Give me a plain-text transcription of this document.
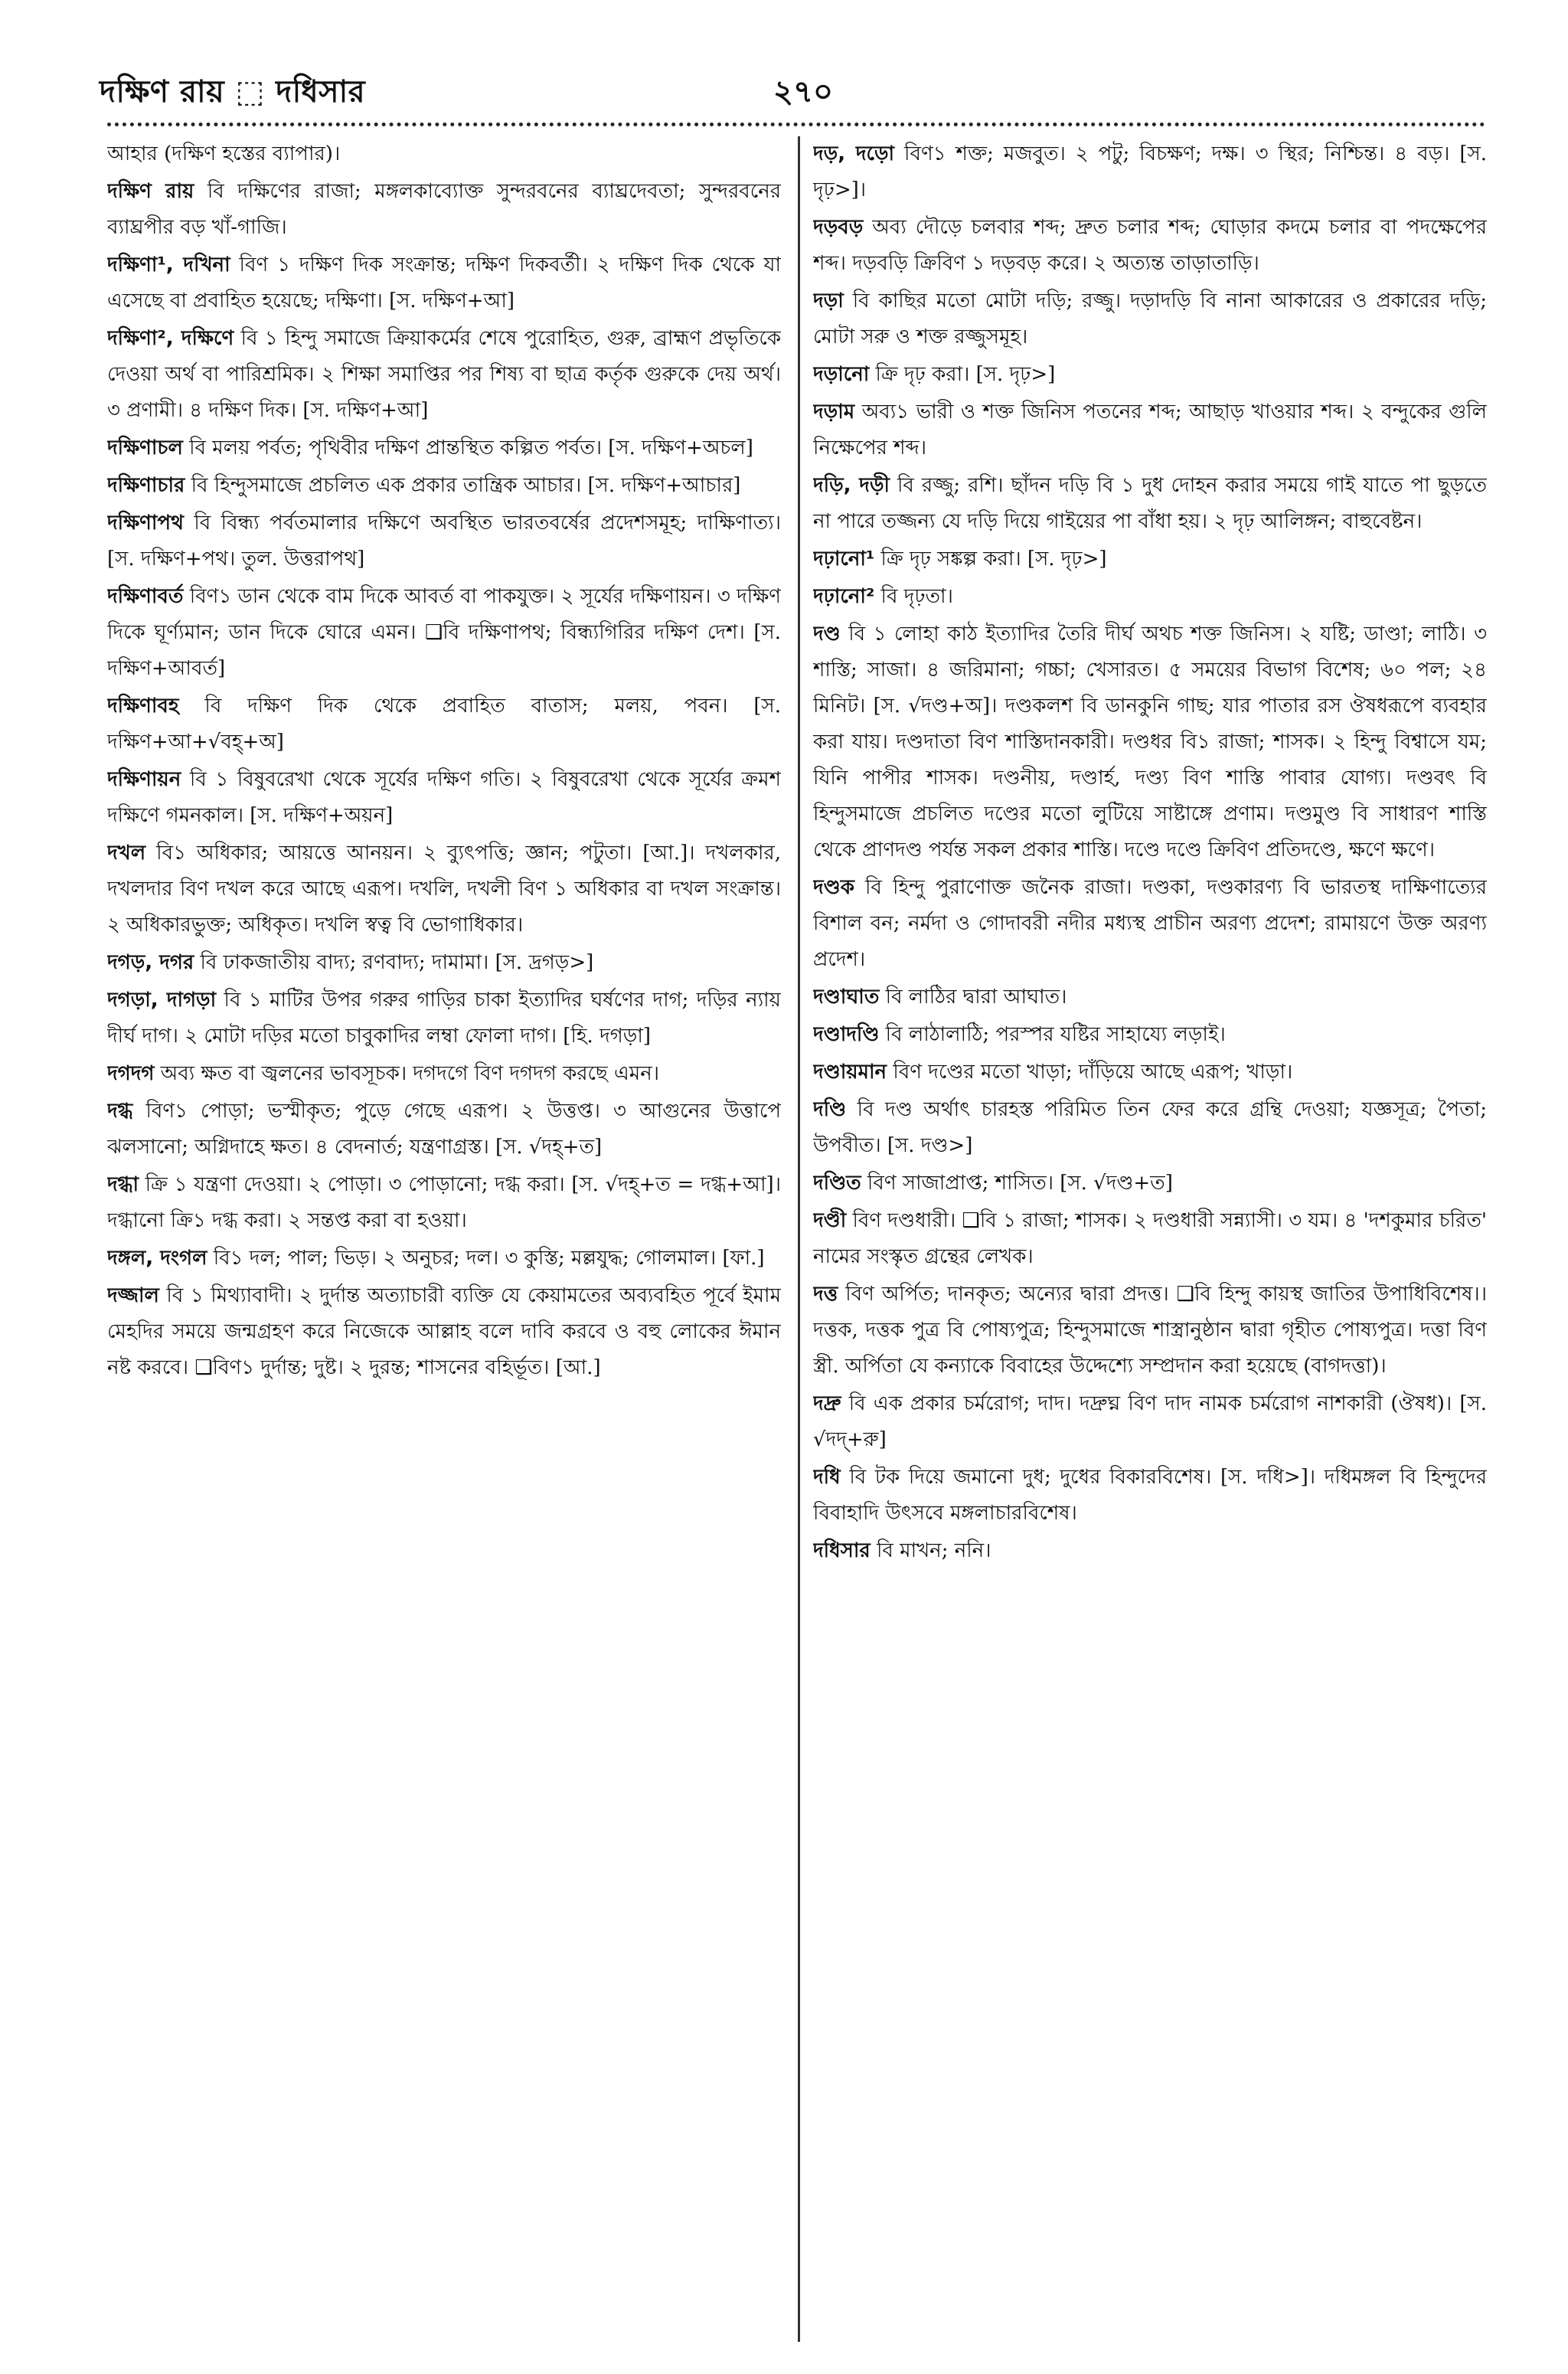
দক্ষিণ রায় ⬚ দধিসার	২৭০

আহার (দক্ষিণ হস্তের ব্যাপার)।

দক্ষিণ রায় বি দক্ষিণের রাজা; মঙ্গলকাব্যোক্ত সুন্দরবনের ব্যাঘ্রদেবতা; সুন্দরবনের ব্যাঘ্রপীর বড় খাঁ-গাজি।

দক্ষিণা¹, দখিনা বিণ ১ দক্ষিণ দিক সংক্রান্ত; দক্ষিণ দিকবর্তী। ২ দক্ষিণ দিক থেকে যা এসেছে বা প্রবাহিত হয়েছে; দক্ষিণা। [স. দক্ষিণ+আ]

দক্ষিণা², দক্ষিণে বি ১ হিন্দু সমাজে ক্রিয়াকর্মের শেষে পুরোহিত, গুরু, ব্রাহ্মণ প্রভৃতিকে দেওয়া অর্থ বা পারিশ্রমিক। ২ শিক্ষা সমাপ্তির পর শিষ্য বা ছাত্র কর্তৃক গুরুকে দেয় অর্থ। ৩ প্রণামী। ৪ দক্ষিণ দিক। [স. দক্ষিণ+আ]

দক্ষিণাচল বি মলয় পর্বত; পৃথিবীর দক্ষিণ প্রান্তস্থিত কল্পিত পর্বত। [স. দক্ষিণ+অচল]

দক্ষিণাচার বি হিন্দুসমাজে প্রচলিত এক প্রকার তান্ত্রিক আচার। [স. দক্ষিণ+আচার]

দক্ষিণাপথ বি বিন্ধ্য পর্বতমালার দক্ষিণে অবস্থিত ভারতবর্ষের প্রদেশসমূহ; দাক্ষিণাত্য। [স. দক্ষিণ+পথ। তুল. উত্তরাপথ]

দক্ষিণাবর্ত বিণ১ ডান থেকে বাম দিকে আবর্ত বা পাকযুক্ত। ২ সূর্যের দক্ষিণায়ন। ৩ দক্ষিণ দিকে ঘূর্ণ্যমান; ডান দিকে ঘোরে এমন। ❑বি দক্ষিণাপথ; বিন্ধ্যগিরির দক্ষিণ দেশ। [স. দক্ষিণ+আবর্ত]

দক্ষিণাবহ বি দক্ষিণ দিক থেকে প্রবাহিত বাতাস; মলয়, পবন। [স. দক্ষিণ+আ+√বহ্+অ]

দক্ষিণায়ন বি ১ বিষুবরেখা থেকে সূর্যের দক্ষিণ গতি। ২ বিষুবরেখা থেকে সূর্যের ক্রমশ দক্ষিণে গমনকাল। [স. দক্ষিণ+অয়ন]

দখল বি১ অধিকার; আয়ত্তে আনয়ন। ২ ব্যুৎপত্তি; জ্ঞান; পটুতা। [আ.]। দখলকার, দখলদার বিণ দখল করে আছে এরূপ। দখলি, দখলী বিণ ১ অধিকার বা দখল সংক্রান্ত। ২ অধিকারভুক্ত; অধিকৃত। দখলি স্বত্ব বি ভোগাধিকার।

দগড়, দগর বি ঢাকজাতীয় বাদ্য; রণবাদ্য; দামামা। [স. দ্রগড়>]

দগড়া, দাগড়া বি ১ মাটির উপর গরুর গাড়ির চাকা ইত্যাদির ঘর্ষণের দাগ; দড়ির ন্যায় দীর্ঘ দাগ। ২ মোটা দড়ির মতো চাবুকাদির লম্বা ফোলা দাগ। [হি. দগড়া]

দগদগ অব্য ক্ষত বা জ্বলনের ভাবসূচক। দগদগে বিণ দগদগ করছে এমন।

দগ্ধ বিণ১ পোড়া; ভস্মীকৃত; পুড়ে গেছে এরূপ। ২ উত্তপ্ত। ৩ আগুনের উত্তাপে ঝলসানো; অগ্নিদাহে ক্ষত। ৪ বেদনার্ত; যন্ত্রণাগ্রস্ত। [স. √দহ্+ত]

দগ্ধা ক্রি ১ যন্ত্রণা দেওয়া। ২ পোড়া। ৩ পোড়ানো; দগ্ধ করা। [স. √দহ্+ত = দগ্ধ+আ]। দগ্ধানো ক্রি১ দগ্ধ করা। ২ সন্তপ্ত করা বা হওয়া।

দঙ্গল, দংগল বি১ দল; পাল; ভিড়। ২ অনুচর; দল। ৩ কুস্তি; মল্লযুদ্ধ; গোলমাল। [ফা.]

দজ্জাল বি ১ মিথ্যাবাদী। ২ দুর্দান্ত অত্যাচারী ব্যক্তি যে কেয়ামতের অব্যবহিত পূর্বে ইমাম মেহদির সময়ে জন্মগ্রহণ করে নিজেকে আল্লাহ বলে দাবি করবে ও বহু লোকের ঈমান নষ্ট করবে। ❑বিণ১ দুর্দান্ত; দুষ্ট। ২ দুরন্ত; শাসনের বহির্ভূত। [আ.]

দড়, দড়ো বিণ১ শক্ত; মজবুত। ২ পটু; বিচক্ষণ; দক্ষ। ৩ স্থির; নিশ্চিন্ত। ৪ বড়। [স. দৃঢ়>]।

দড়বড় অব্য দৌড়ে চলবার শব্দ; দ্রুত চলার শব্দ; ঘোড়ার কদমে চলার বা পদক্ষেপের শব্দ। দড়বড়ি ক্রিবিণ ১ দড়বড় করে। ২ অত্যন্ত তাড়াতাড়ি।

দড়া বি কাছির মতো মোটা দড়ি; রজ্জু। দড়াদড়ি বি নানা আকারের ও প্রকারের দড়ি; মোটা সরু ও শক্ত রজ্জুসমূহ।

দড়ানো ক্রি দৃঢ় করা। [স. দৃঢ়>]

দড়াম অব্য১ ভারী ও শক্ত জিনিস পতনের শব্দ; আছাড় খাওয়ার শব্দ। ২ বন্দুকের গুলি নিক্ষেপের শব্দ।

দড়ি, দড়ী বি রজ্জু; রশি। ছাঁদন দড়ি বি ১ দুধ দোহন করার সময়ে গাই যাতে পা ছুড়তে না পারে তজ্জন্য যে দড়ি দিয়ে গাইয়ের পা বাঁধা হয়। ২ দৃঢ় আলিঙ্গন; বাহুবেষ্টন।

দঢ়ানো¹ ক্রি দৃঢ় সঙ্কল্প করা। [স. দৃঢ়>]

দঢ়ানো² বি দৃঢ়তা।

দণ্ড বি ১ লোহা কাঠ ইত্যাদির তৈরি দীর্ঘ অথচ শক্ত জিনিস। ২ যষ্টি; ডাণ্ডা; লাঠি। ৩ শাস্তি; সাজা। ৪ জরিমানা; গচ্চা; খেসারত। ৫ সময়ের বিভাগ বিশেষ; ৬০ পল; ২৪ মিনিট। [স. √দণ্ড+অ]। দণ্ডকলশ বি ডানকুনি গাছ; যার পাতার রস ঔষধরূপে ব্যবহার করা যায়। দণ্ডদাতা বিণ শাস্তিদানকারী। দণ্ডধর বি১ রাজা; শাসক। ২ হিন্দু বিশ্বাসে যম; যিনি পাপীর শাসক। দণ্ডনীয়, দণ্ডার্হ, দণ্ড্য বিণ শাস্তি পাবার যোগ্য। দণ্ডবৎ বি হিন্দুসমাজে প্রচলিত দণ্ডের মতো লুটিয়ে সাষ্টাঙ্গে প্রণাম। দণ্ডমুণ্ড বি সাধারণ শাস্তি থেকে প্রাণদণ্ড পর্যন্ত সকল প্রকার শাস্তি। দণ্ডে দণ্ডে ক্রিবিণ প্রতিদণ্ডে, ক্ষণে ক্ষণে।

দণ্ডক বি হিন্দু পুরাণোক্ত জনৈক রাজা। দণ্ডকা, দণ্ডকারণ্য বি ভারতস্থ দাক্ষিণাত্যের বিশাল বন; নর্মদা ও গোদাবরী নদীর মধ্যস্থ প্রাচীন অরণ্য প্রদেশ; রামায়ণে উক্ত অরণ্য প্রদেশ।

দণ্ডাঘাত বি লাঠির দ্বারা আঘাত।

দণ্ডাদণ্ডি বি লাঠালাঠি; পরস্পর যষ্টির সাহায্যে লড়াই।

দণ্ডায়মান বিণ দণ্ডের মতো খাড়া; দাঁড়িয়ে আছে এরূপ; খাড়া।

দণ্ডি বি দণ্ড অর্থাৎ চারহস্ত পরিমিত তিন ফের করে গ্রন্থি দেওয়া; যজ্ঞসূত্র; পৈতা; উপবীত। [স. দণ্ড>]

দণ্ডিত বিণ সাজাপ্রাপ্ত; শাসিত। [স. √দণ্ড+ত]

দণ্ডী বিণ দণ্ডধারী। ❑বি ১ রাজা; শাসক। ২ দণ্ডধারী সন্ন্যাসী। ৩ যম। ৪ 'দশকুমার চরিত' নামের সংস্কৃত গ্রন্থের লেখক।

দত্ত বিণ অর্পিত; দানকৃত; অন্যের দ্বারা প্রদত্ত। ❑বি হিন্দু কায়স্থ জাতির উপাধিবিশেষ।। দত্তক, দত্তক পুত্র বি পোষ্যপুত্র; হিন্দুসমাজে শাস্ত্রানুষ্ঠান দ্বারা গৃহীত পোষ্যপুত্র। দত্তা বিণ স্ত্রী. অর্পিতা যে কন্যাকে বিবাহের উদ্দেশ্যে সম্প্রদান করা হয়েছে (বাগদত্তা)।

দদ্রু বি এক প্রকার চর্মরোগ; দাদ। দদ্রুঘ্ন বিণ দাদ নামক চর্মরোগ নাশকারী (ঔষধ)। [স. √দদ্+রু]

দধি বি টক দিয়ে জমানো দুধ; দুধের বিকারবিশেষ। [স. দধি>]। দধিমঙ্গল বি হিন্দুদের বিবাহাদি উৎসবে মঙ্গলাচারবিশেষ।

দধিসার বি মাখন; ননি।
